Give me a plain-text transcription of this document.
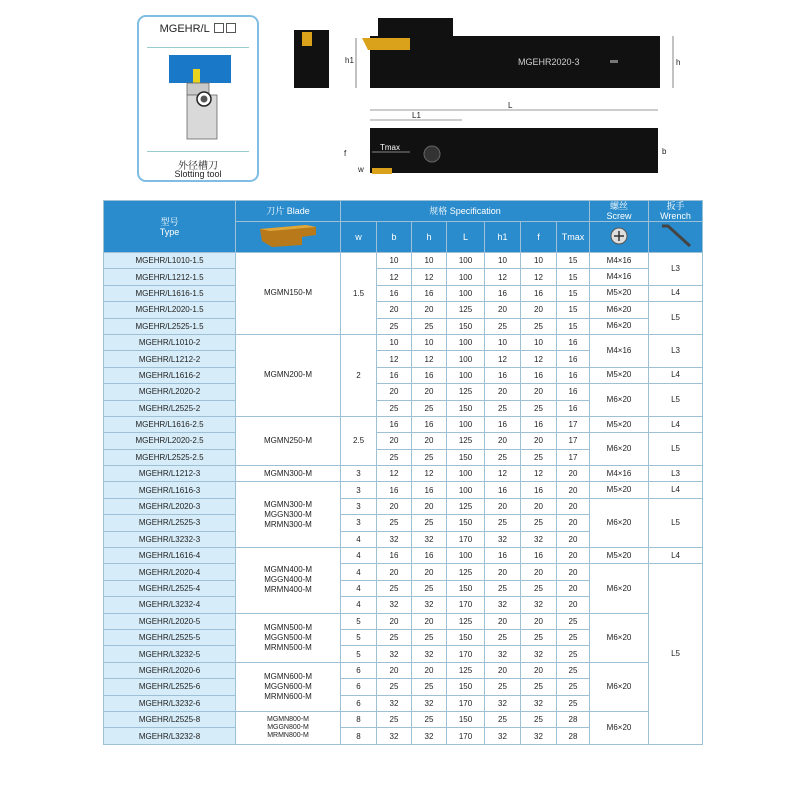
MGEHR/L
外径槽刀
Slotting tool
MGEHR2020-3
h1	h
L
L1
Tmax
f
w
b
型号
Type	刀片 Blade	规格 Specification							螺丝
Screw	扳手
Wrench

	w	b	h	L	h1	f	Tmax		
MGEHR/L1010-1.5	MGMN150-M	1.5	10	10	100	10	10	15	M4×16	L3
MGEHR/L1212-1.5			12	12	100	12	12	15	M4×16	
MGEHR/L1616-1.5			16	16	100	16	16	15	M5×20	L4
MGEHR/L2020-1.5			20	20	125	20	20	15	M6×20	L5
MGEHR/L2525-1.5			25	25	150	25	25	15	M6×20	
MGEHR/L1010-2	MGMN200-M	2	10	10	100	10	10	16	M4×16	L3
MGEHR/L1212-2			12	12	100	12	12	16		
MGEHR/L1616-2			16	16	100	16	16	16	M5×20	L4
MGEHR/L2020-2			20	20	125	20	20	16	M6×20	L5
MGEHR/L2525-2			25	25	150	25	25	16		
MGEHR/L1616-2.5	MGMN250-M	2.5	16	16	100	16	16	17	M5×20	L4
MGEHR/L2020-2.5			20	20	125	20	20	17	M6×20	L5
MGEHR/L2525-2.5			25	25	150	25	25	17		
MGEHR/L1212-3	MGMN300-M	3	12	12	100	12	12	20	M4×16	L3
MGEHR/L1616-3	MGMN300-M
MGGN300-M
MRMN300-M	3	16	16	100	16	16	20	M5×20	L4
MGEHR/L2020-3		3	20	20	125	20	20	20	M6×20	L5
MGEHR/L2525-3		3	25	25	150	25	25	20		
MGEHR/L3232-3		4	32	32	170	32	32	20		
MGEHR/L1616-4	MGMN400-M
MGGN400-M
MRMN400-M	4	16	16	100	16	16	20	M5×20	L4
MGEHR/L2020-4		4	20	20	125	20	20	20	M6×20	L5
MGEHR/L2525-4		4	25	25	150	25	25	20		
MGEHR/L3232-4		4	32	32	170	32	32	20		
MGEHR/L2020-5	MGMN500-M
MGGN500-M
MRMN500-M	5	20	20	125	20	20	25	M6×20	
MGEHR/L2525-5		5	25	25	150	25	25	25		
MGEHR/L3232-5		5	32	32	170	32	32	25		
MGEHR/L2020-6	MGMN600-M
MGGN600-M
MRMN600-M	6	20	20	125	20	20	25	M6×20	
MGEHR/L2525-6		6	25	25	150	25	25	25		
MGEHR/L3232-6		6	32	32	170	32	32	25		
MGEHR/L2525-8	MGMN800-M
MGGN800-M
MRMN800-M	8	25	25	150	25	25	28	M6×20	
MGEHR/L3232-8		8	32	32	170	32	32	28		
